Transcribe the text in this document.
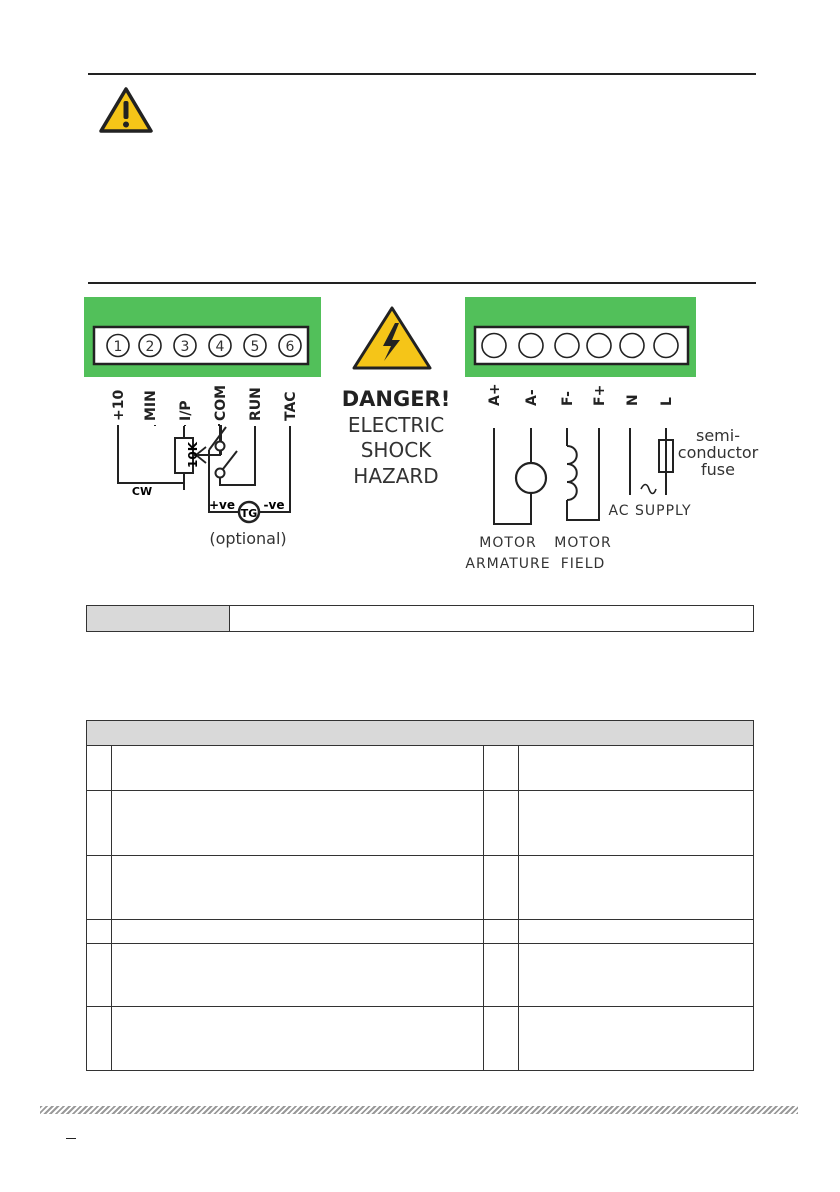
1 2 3 4 5 6
+10 MIN I/P COM RUN TAC
10K
CW
+ve
TG
-ve
(optional)
DANGER!
ELECTRIC
SHOCK
HAZARD
A+ A- F- F+ N L
semi-
conductor
fuse
AC SUPPLY
MOTOR
ARMATURE
MOTOR
FIELD
